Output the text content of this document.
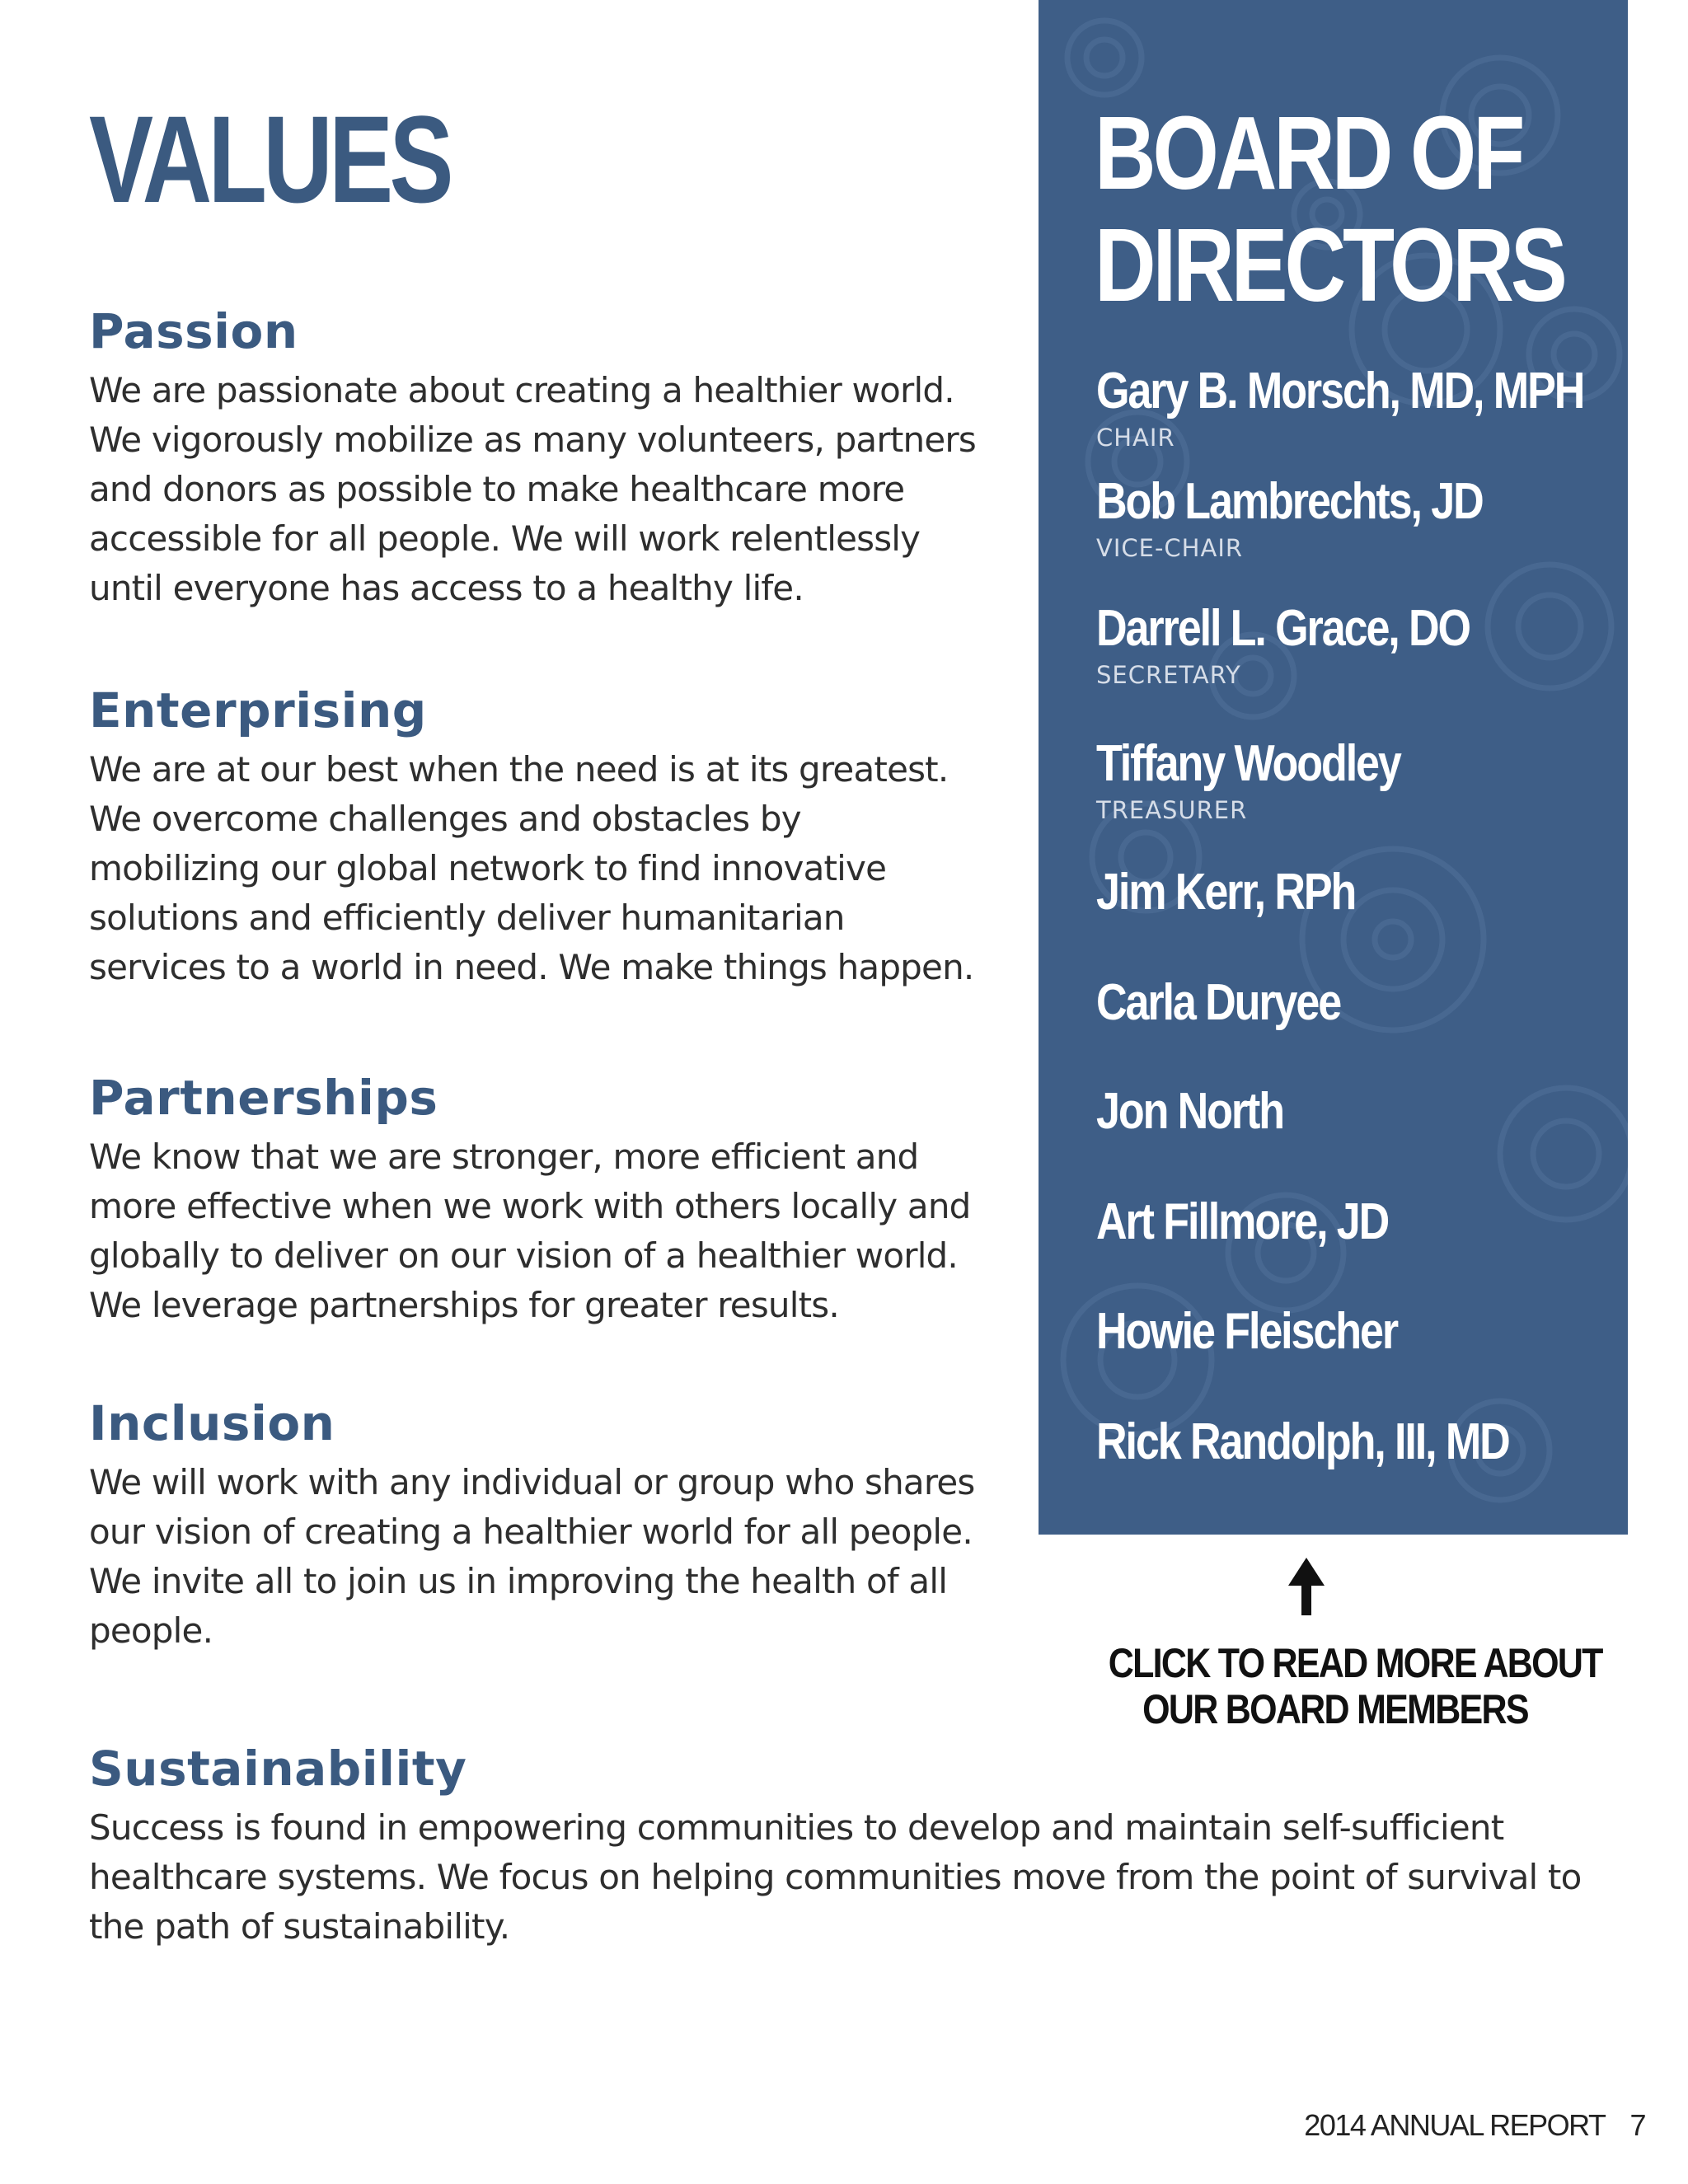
VALUES
Passion

We are passionate about creating a healthier world. We vigorously mobilize as many volunteers, partners and donors as possible to make healthcare more accessible for all people. We will work relentlessly until everyone has access to a healthy life.

Enterprising

We are at our best when the need is at its greatest. We overcome challenges and obstacles by mobilizing our global network to find innovative solutions and efficiently deliver humanitarian services to a world in need. We make things happen.

Partnerships

We know that we are stronger, more efficient and more effective when we work with others locally and globally to deliver on our vision of a healthier world. We leverage partnerships for greater results.

Inclusion

We will work with any individual or group who shares our vision of creating a healthier world for all people. We invite all to join us in improving the health of all people.

Sustainability

Success is found in empowering communities to develop and maintain self-sufficient healthcare systems. We focus on helping communities move from the point of survival to the path of sustainability.

BOARD OF
DIRECTORS
Gary B. Morsch, MD, MPH
CHAIR
Bob Lambrechts, JD
VICE-CHAIR
Darrell L. Grace, DO
SECRETARY
Tiffany Woodley
TREASURER
Jim Kerr, RPh
Carla Duryee
Jon North
Art Fillmore, JD
Howie Fleischer
Rick Randolph, III, MD
CLICK TO READ MORE ABOUT
OUR BOARD MEMBERS
2014 ANNUAL REPORT 7
